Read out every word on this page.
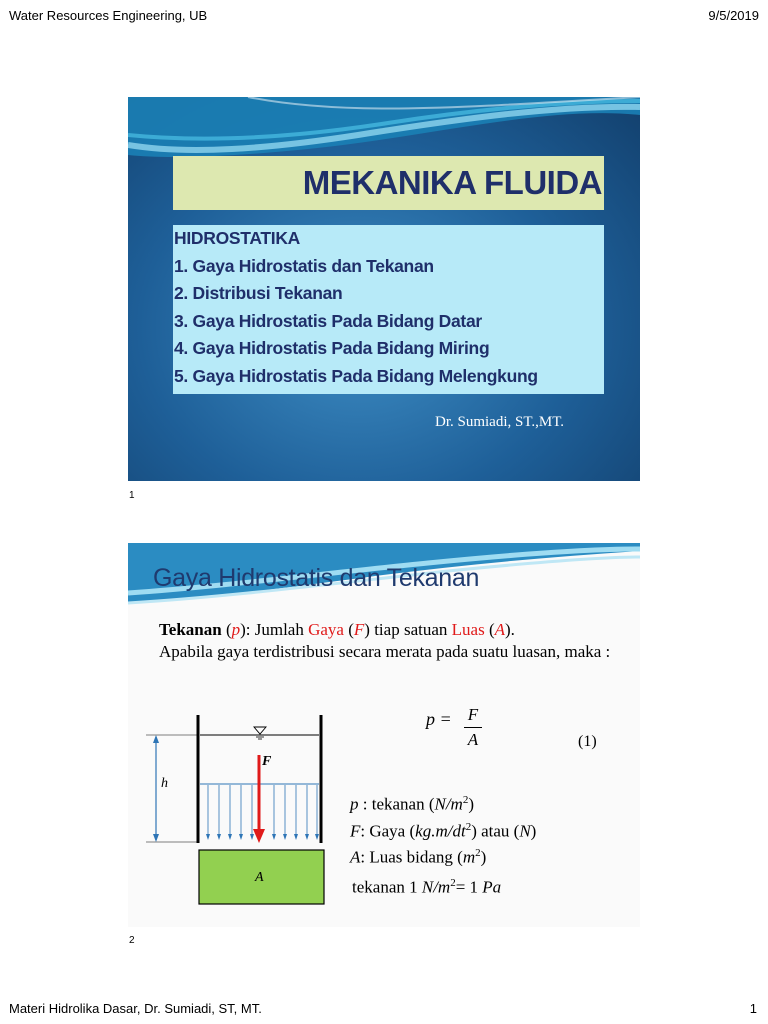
Water Resources Engineering, UB	9/5/2019
MEKANIKA FLUIDA
HIDROSTATIKA
1. Gaya Hidrostatis dan Tekanan
2. Distribusi Tekanan
3. Gaya Hidrostatis Pada Bidang Datar
4. Gaya Hidrostatis Pada Bidang Miring
5. Gaya Hidrostatis Pada Bidang Melengkung
Dr. Sumiadi, ST.,MT.
1
Gaya Hidrostatis dan Tekanan
Tekanan (p): Jumlah Gaya (F) tiap satuan Luas (A).
Apabila gaya terdistribusi secara merata pada suatu luasan, maka :
h
F
A
p = F
A	(1)
p : tekanan $(N/m^2)$
F: Gaya $(kg.m/dt^2)$ atau (N)
A: Luas bidang $(m^2)$
tekanan 1 $N/m^2= 1$ Pa
2
Materi Hidrolika Dasar, Dr. Sumiadi, ST, MT.	1
